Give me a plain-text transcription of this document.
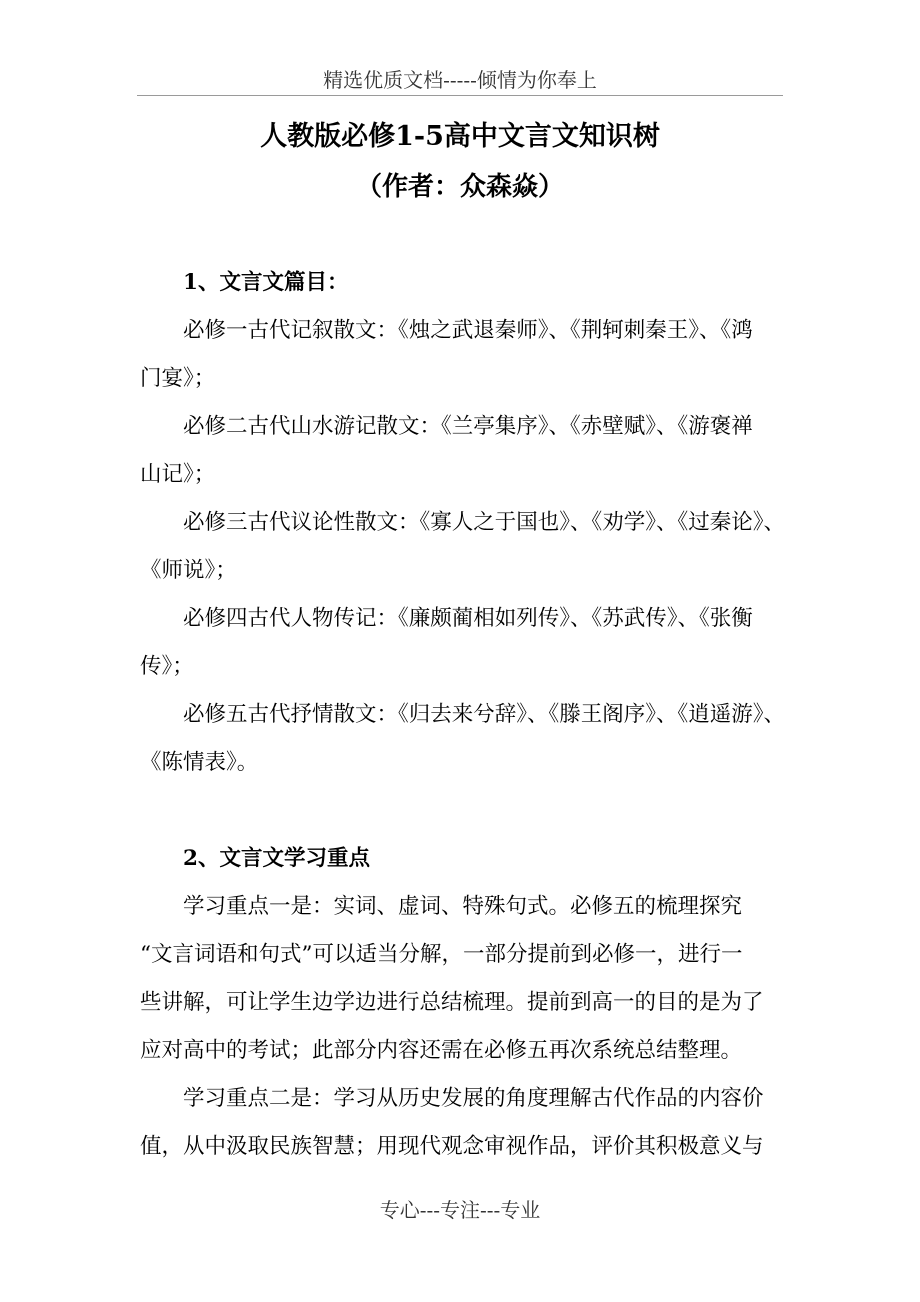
精选优质文档-----倾情为你奉上
人教版必修1-5高中文言文知识树
（作者：众森焱）
1、文言文篇目：
必修一古代记叙散文：《烛之武退秦师》、《荆轲刺秦王》、《鸿
门宴》；
必修二古代山水游记散文：《兰亭集序》、《赤壁赋》、《游褒禅
山记》；
必修三古代议论性散文：《寡人之于国也》、《劝学》、《过秦论》、
《师说》；
必修四古代人物传记：《廉颇蔺相如列传》、《苏武传》、《张衡
传》；
必修五古代抒情散文：《归去来兮辞》、《滕王阁序》、《逍遥游》、
《陈情表》。
2、文言文学习重点
学习重点一是：实词、虚词、特殊句式。必修五的梳理探究
“文言词语和句式”可以适当分解，一部分提前到必修一，进行一
些讲解，可让学生边学边进行总结梳理。提前到高一的目的是为了
应对高中的考试；此部分内容还需在必修五再次系统总结整理。
学习重点二是：学习从历史发展的角度理解古代作品的内容价
值，从中汲取民族智慧；用现代观念审视作品，评价其积极意义与
专心---专注---专业
